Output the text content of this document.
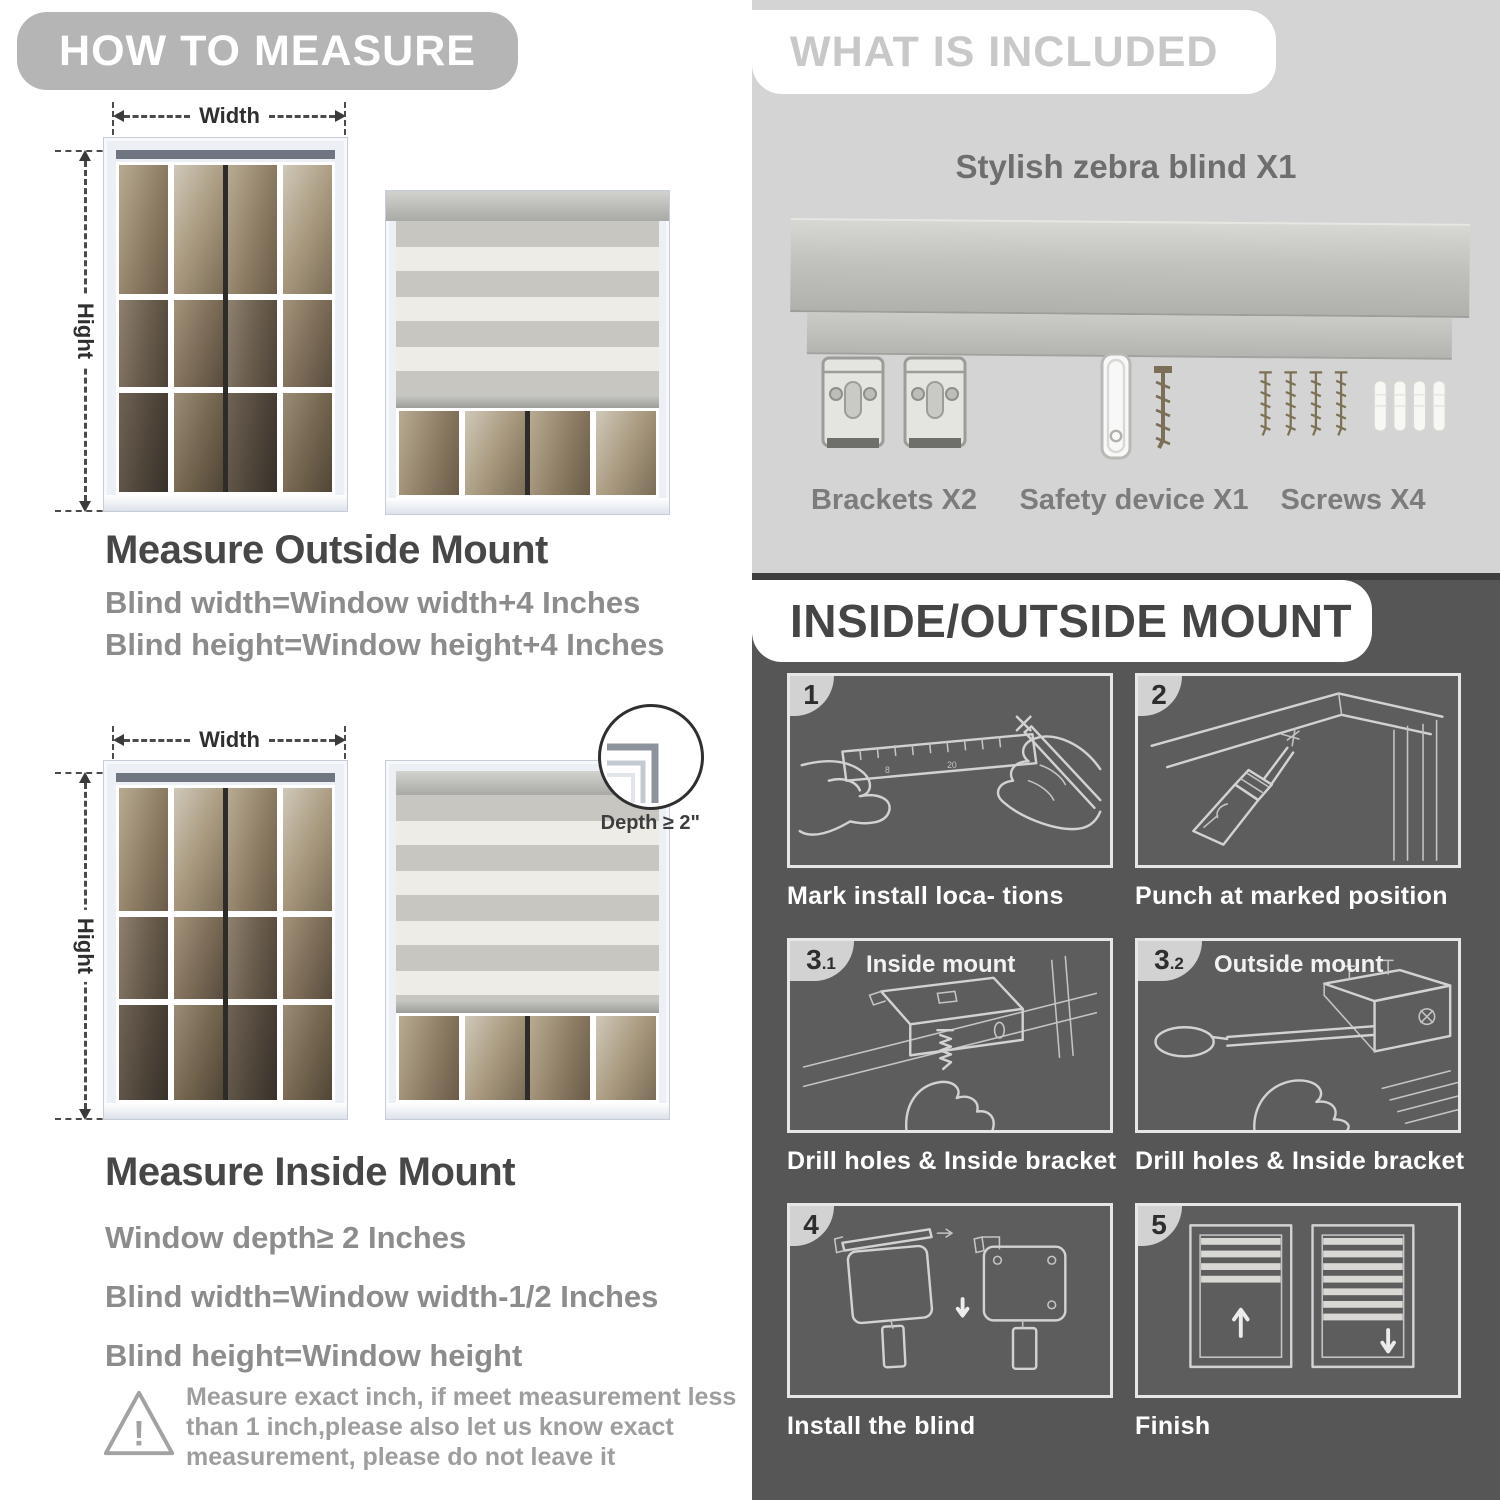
HOW TO MEASURE
Width
Hight
Measure Outside Mount
Blind width=Window width+4 Inches
Blind height=Window height+4 Inches
Width
Hight
Depth ≥ 2"
Measure Inside Mount
Window depth≥ 2 Inches
Blind width=Window width-1/2 Inches
Blind height=Window height
!
Measure exact inch, if meet measurement less
than 1 inch,please also let us know exact
measurement, please do not leave it
WHAT IS INCLUDED
Stylish zebra blind X1
Brackets X2 Safety device X1 Screws X4
INSIDE/OUTSIDE MOUNT
8	20
1
Mark install loca- tions
2
Punch at marked position
3 .1 Inside mount
Drill holes & Inside bracket
3 .2 Outside mount
Drill holes & Inside bracket
4
Install the blind
5
Finish
